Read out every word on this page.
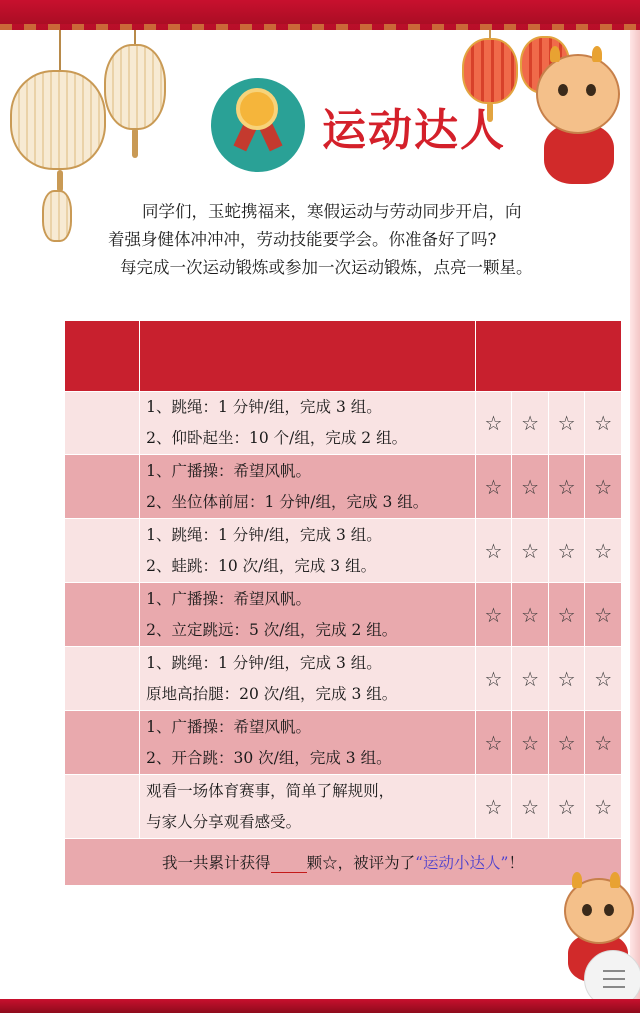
运动达人

同学们，玉蛇携福来，寒假运动与劳动同步开启，向

着强身健体冲冲冲，劳动技能要学会。你准备好了吗?

每完成一次运动锻炼或参加一次运动锻炼，点亮一颗星。

	1、跳绳：1 分钟/组，完成 3 组。
2、仰卧起坐：10 个/组，完成 2 组。	☆	☆	☆	☆

	1、广播操：希望风帆。
2、坐位体前屈：1 分钟/组，完成 3 组。	☆	☆	☆	☆

	1、跳绳：1 分钟/组，完成 3 组。
2、蛙跳：10 次/组，完成 3 组。	☆	☆	☆	☆

	1、广播操：希望风帆。
2、立定跳远：5 次/组，完成 2 组。	☆	☆	☆	☆

	1、跳绳：1 分钟/组，完成 3 组。
原地高抬腿：20 次/组，完成 3 组。	☆	☆	☆	☆

	1、广播操：希望风帆。
2、开合跳：30 次/组，完成 3 组。	☆	☆	☆	☆

	观看一场体育赛事，简单了解规则，
与家人分享观看感受。	☆	☆	☆	☆
我一共累计获得 颗☆，被评为了“运动小达人”！					
